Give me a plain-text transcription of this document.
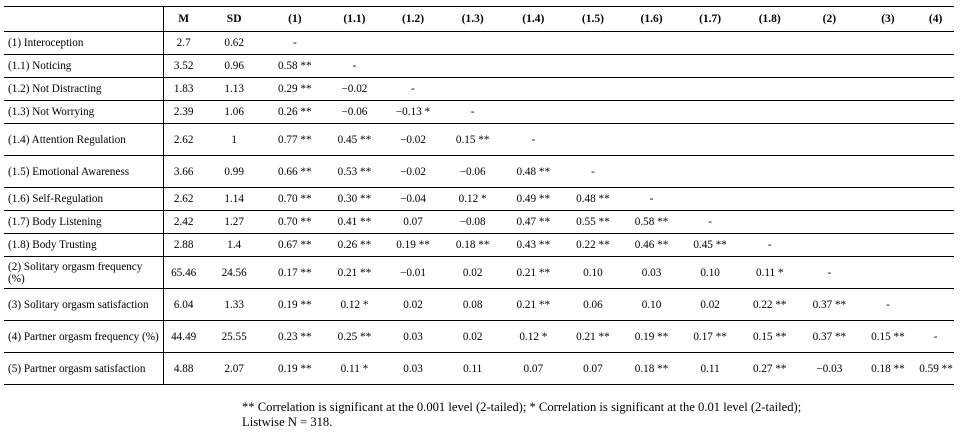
	M	SD	(1)	(1.1)	(1.2)	(1.3)	(1.4)	(1.5)	(1.6)	(1.7)	(1.8)	(2)	(3)	(4)
(1) Interoception	2.7	0.62	-											
(1.1) Noticing	3.52	0.96	0.58 **	-										
(1.2) Not Distracting	1.83	1.13	0.29 **	−0.02	-									
(1.3) Not Worrying	2.39	1.06	0.26 **	−0.06	−0.13 *	-								
(1.4) Attention Regulation	2.62	1	0.77 **	0.45 **	−0.02	0.15 **	-							
(1.5) Emotional Awareness	3.66	0.99	0.66 **	0.53 **	−0.02	−0.06	0.48 **	-						
(1.6) Self-Regulation	2.62	1.14	0.70 **	0.30 **	−0.04	0.12 *	0.49 **	0.48 **	-					
(1.7) Body Listening	2.42	1.27	0.70 **	0.41 **	0.07	−0.08	0.47 **	0.55 **	0.58 **	-				
(1.8) Body Trusting	2.88	1.4	0.67 **	0.26 **	0.19 **	0.18 **	0.43 **	0.22 **	0.46 **	0.45 **	-			
(2) Solitary orgasm frequency (%)	65.46	24.56	0.17 **	0.21 **	−0.01	0.02	0.21 **	0.10	0.03	0.10	0.11 *	-		
(3) Solitary orgasm satisfaction	6.04	1.33	0.19 **	0.12 *	0.02	0.08	0.21 **	0.06	0.10	0.02	0.22 **	0.37 **	-	
(4) Partner orgasm frequency (%)	44.49	25.55	0.23 **	0.25 **	0.03	0.02	0.12 *	0.21 **	0.19 **	0.17 **	0.15 **	0.37 **	0.15 **	-
(5) Partner orgasm satisfaction	4.88	2.07	0.19 **	0.11 *	0.03	0.11	0.07	0.07	0.18 **	0.11	0.27 **	−0.03	0.18 **	0.59 **
** Correlation is significant at the 0.001 level (2-tailed); * Correlation is significant at the 0.01 level (2-tailed);
Listwise N = 318.
